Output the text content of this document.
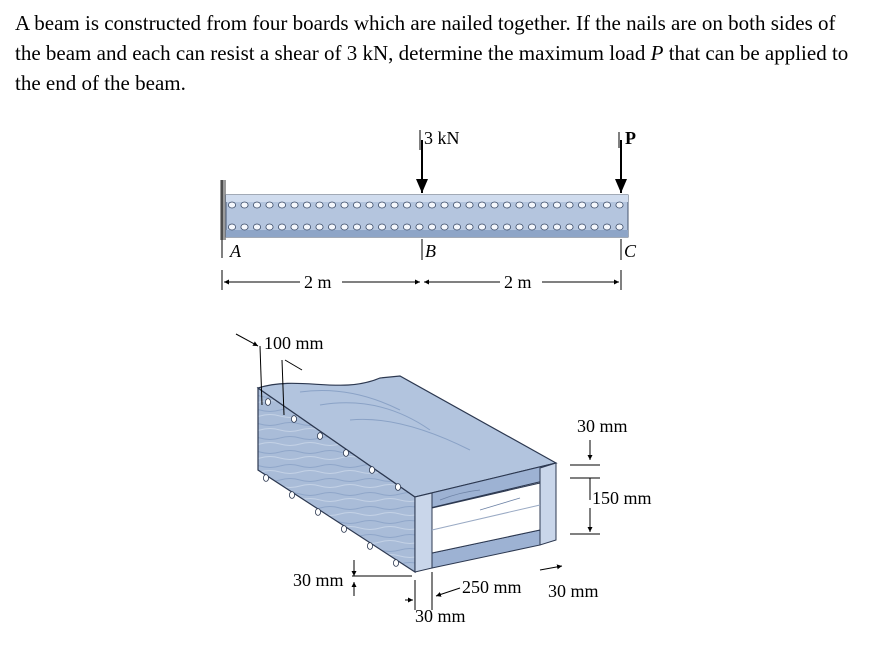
A beam is constructed from four boards which are nailed together. If the nails are on both sides of the beam and each can resist a shear of 3 kN, determine the maximum load P that can be applied to the end of the beam.
3 kN	P
A	B	C
2 m	2 m
100 mm
30 mm
150 mm
30 mm	250 mm 30 mm
30 mm
